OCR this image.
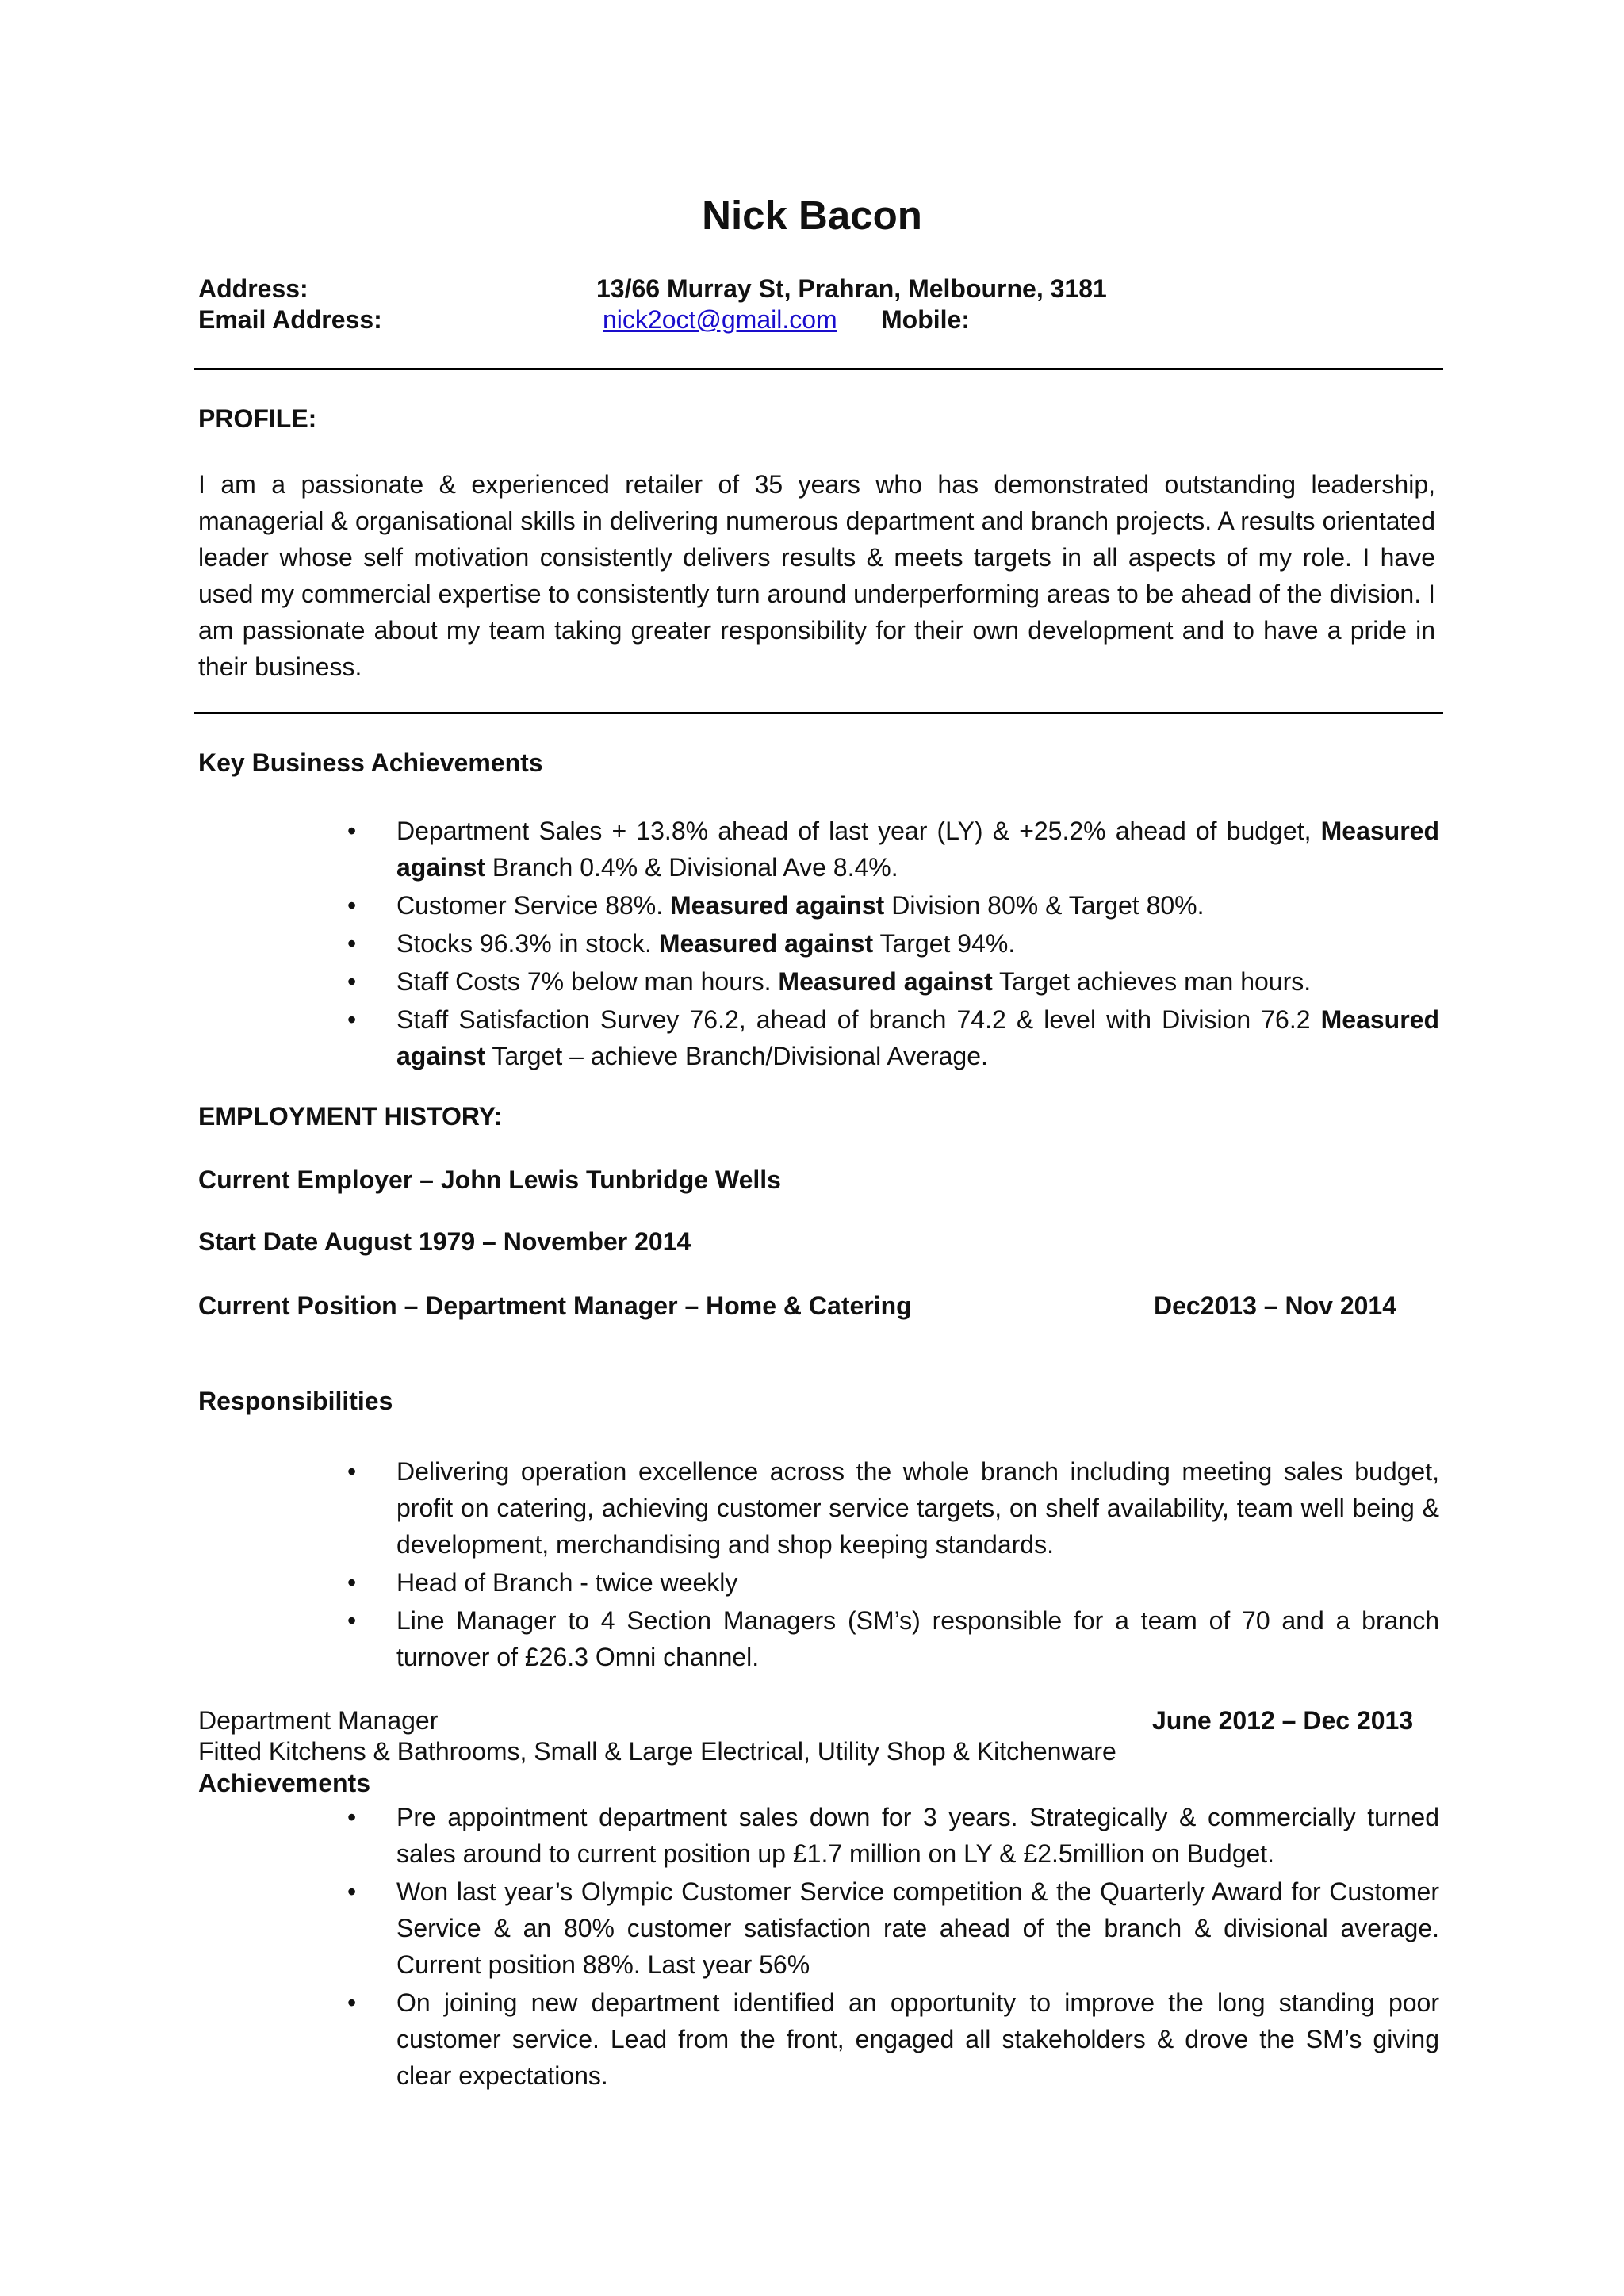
Nick Bacon
Address:	13/66 Murray St, Prahran, Melbourne, 3181
Email Address:	nick2oct@gmail.com Mobile:
PROFILE:
I am a passionate & experienced retailer of 35 years who has demonstrated outstanding leadership, managerial & organisational skills in delivering numerous department and branch projects. A results orientated leader whose self motivation consistently delivers results & meets targets in all aspects of my role. I have used my commercial expertise to consistently turn around underperforming areas to be ahead of the division. I am passionate about my team taking greater responsibility for their own development and to have a pride in their business.
Key Business Achievements
• Department Sales + 13.8% ahead of last year (LY) & +25.2% ahead of budget, Measured against Branch 0.4% & Divisional Ave 8.4%.
• Customer Service 88%. Measured against Division 80% & Target 80%.
• Stocks 96.3% in stock. Measured against Target 94%.
• Staff Costs 7% below man hours. Measured against Target achieves man hours.
• Staff Satisfaction Survey 76.2, ahead of branch 74.2 & level with Division 76.2 Measured against Target – achieve Branch/Divisional Average.
EMPLOYMENT HISTORY:
Current Employer – John Lewis Tunbridge Wells
Start Date August 1979 – November 2014
Current Position – Department Manager – Home & Catering	Dec2013 – Nov 2014
Responsibilities
• Delivering operation excellence across the whole branch including meeting sales budget, profit on catering, achieving customer service targets, on shelf availability, team well being & development, merchandising and shop keeping standards.
• Head of Branch - twice weekly
• Line Manager to 4 Section Managers (SM’s) responsible for a team of 70 and a branch turnover of £26.3 Omni channel.
Department Manager	June 2012 – Dec 2013
Fitted Kitchens & Bathrooms, Small & Large Electrical, Utility Shop & Kitchenware
Achievements
• Pre appointment department sales down for 3 years. Strategically & commercially turned sales around to current position up £1.7 million on LY & £2.5million on Budget.
• Won last year’s Olympic Customer Service competition & the Quarterly Award for Customer Service & an 80% customer satisfaction rate ahead of the branch & divisional average. Current position 88%. Last year 56%
• On joining new department identified an opportunity to improve the long standing poor customer service. Lead from the front, engaged all stakeholders & drove the SM’s giving clear expectations.
